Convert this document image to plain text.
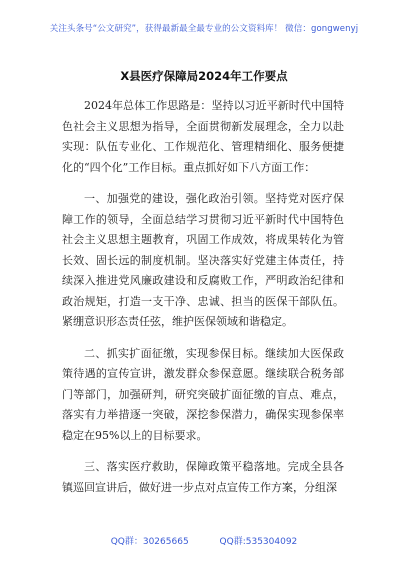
关注头条号“公文研究”，获得最新最全最专业的公文资料库！ 微信：gongwenyj
X县医疗保障局2024年工作要点

2024年总体工作思路是：坚持以习近平新时代中国特色社会主义思想为指导，全面贯彻新发展理念，全力以赴实现：队伍专业化、工作规范化、管理精细化、服务便捷化的“四个化”工作目标。重点抓好如下八方面工作：

一、加强党的建设，强化政治引领。坚持党对医疗保障工作的领导，全面总结学习贯彻习近平新时代中国特色社会主义思想主题教育，巩固工作成效，将成果转化为管长效、固长远的制度机制。坚决落实好党建主体责任，持续深入推进党风廉政建设和反腐败工作，严明政治纪律和政治规矩，打造一支干净、忠诚、担当的医保干部队伍。紧绷意识形态责任弦，维护医保领域和谐稳定。

二、抓实扩面征缴，实现参保目标。继续加大医保政策待遇的宣传宣讲，激发群众参保意愿。继续联合税务部门等部门，加强研判，研究突破扩面征缴的盲点、难点，落实有力举措逐一突破，深挖参保潜力，确保实现参保率稳定在95%以上的目标要求。

三、落实医疗救助，保障政策平稳落地。完成全县各镇巡回宣讲后，做好进一步点对点宣传工作方案，分组深

QQ群：30265665	QQ群:535304092
